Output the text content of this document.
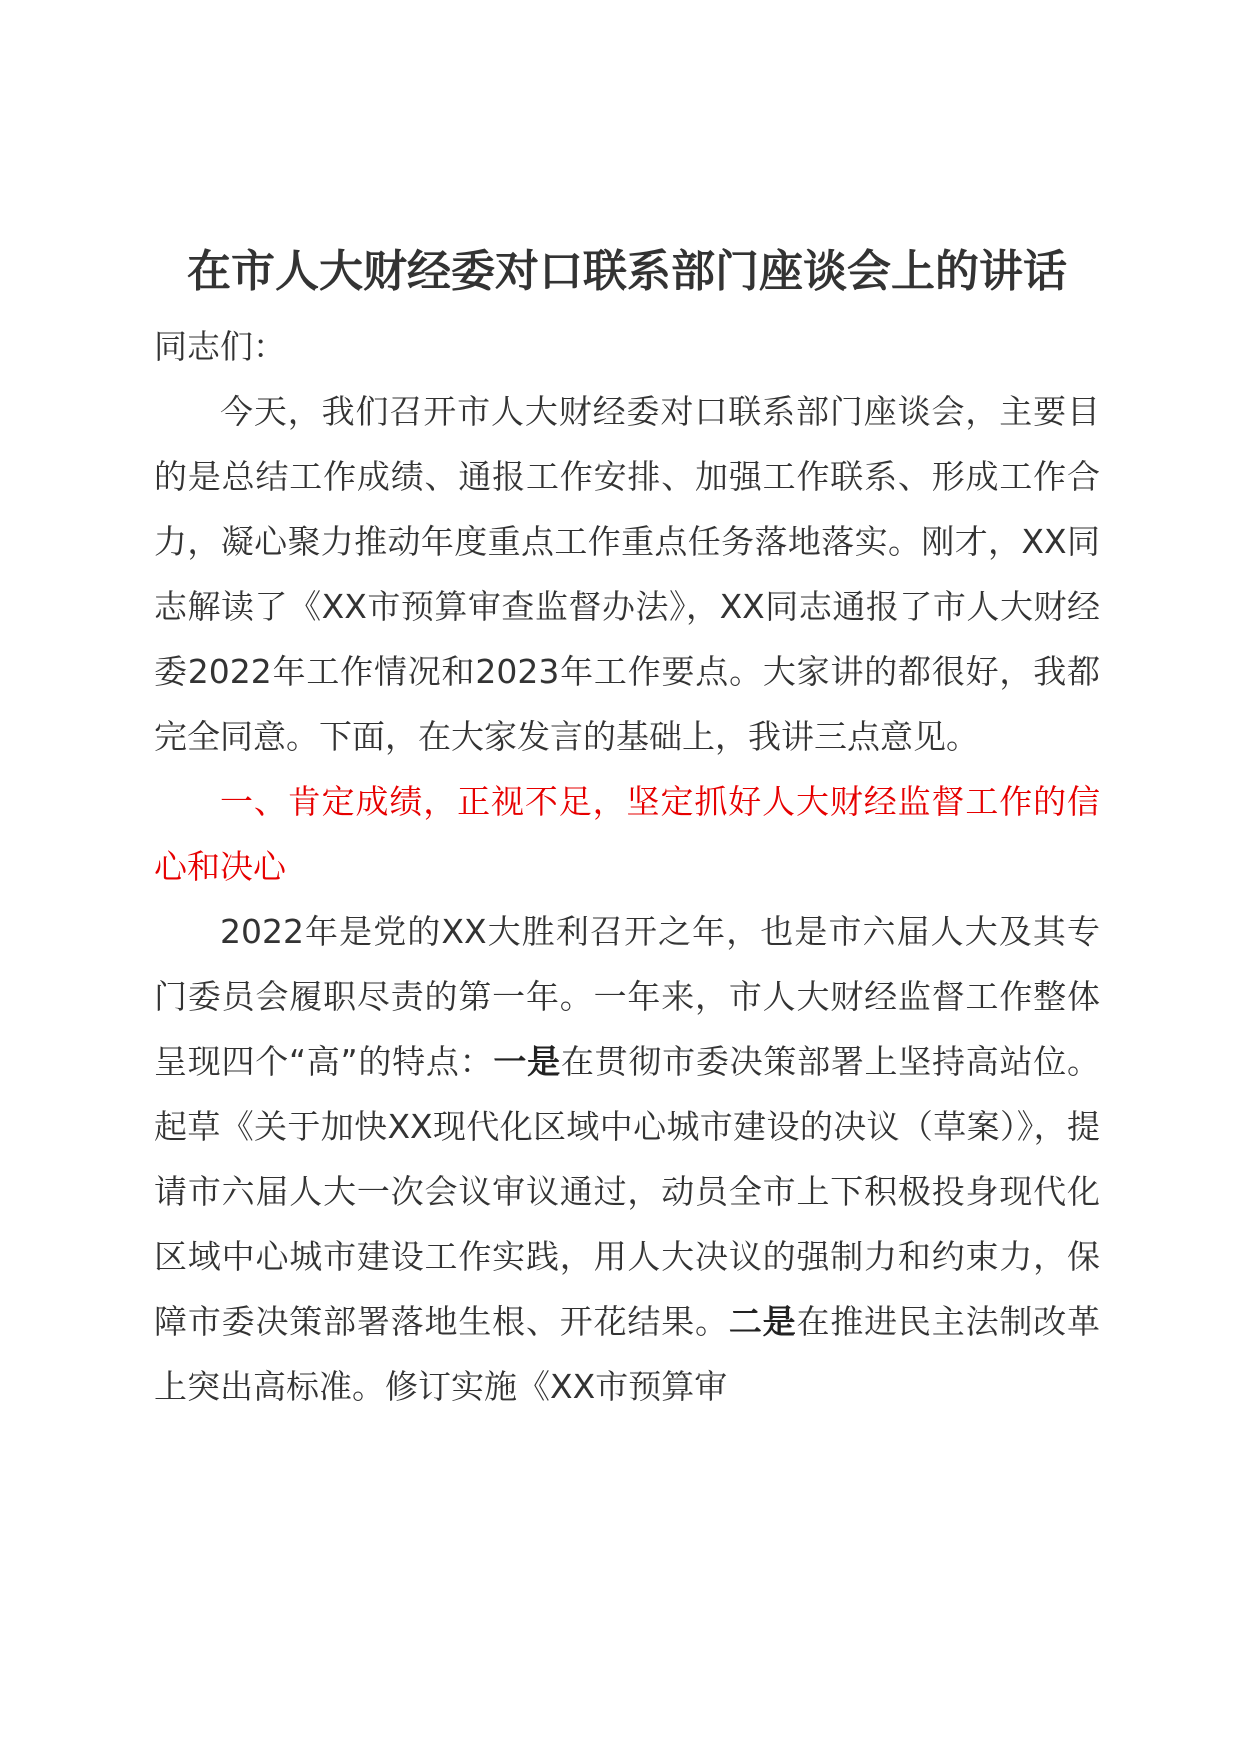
在市人大财经委对口联系部门座谈会上的讲话

同志们：

今天，我们召开市人大财经委对口联系部门座谈会，主要目的是总结工作成绩、通报工作安排、加强工作联系、形成工作合力，凝心聚力推动年度重点工作重点任务落地落实。刚才，XX同志解读了《XX市预算审查监督办法》，XX同志通报了市人大财经委2022年工作情况和2023年工作要点。大家讲的都很好，我都完全同意。下面，在大家发言的基础上，我讲三点意见。

一、肯定成绩，正视不足，坚定抓好人大财经监督工作的信心和决心

2022年是党的XX大胜利召开之年，也是市六届人大及其专门委员会履职尽责的第一年。一年来，市人大财经监督工作整体呈现四个“高”的特点：一是在贯彻市委决策部署上坚持高站位。起草《关于加快XX现代化区域中心城市建设的决议（草案）》，提请市六届人大一次会议审议通过，动员全市上下积极投身现代化区域中心城市建设工作实践，用人大决议的强制力和约束力，保障市委决策部署落地生根、开花结果。二是在推进民主法制改革上突出高标准。修订实施《XX市预算审
